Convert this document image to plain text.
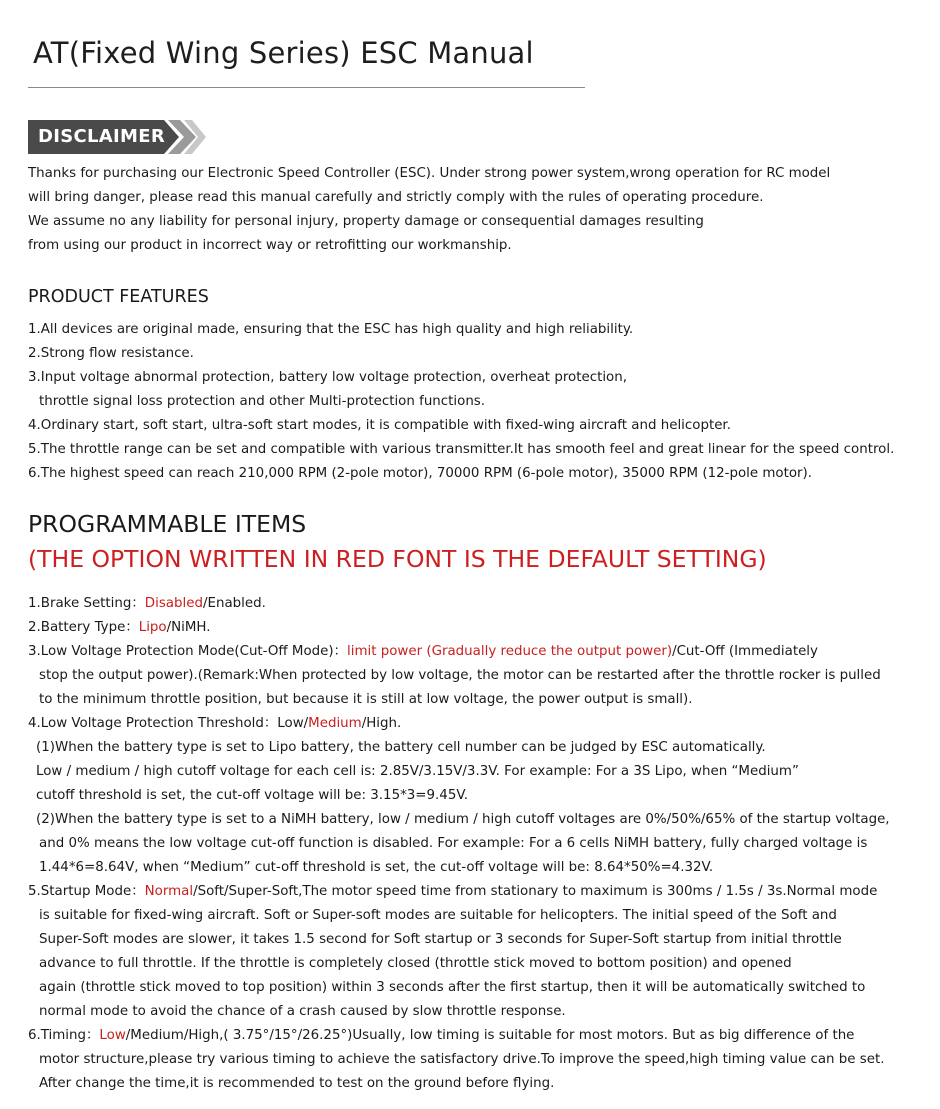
AT(Fixed Wing Series) ESC Manual
DISCLAIMER
Thanks for purchasing our Electronic Speed Controller (ESC). Under strong power system,wrong operation for RC model
will bring danger, please read this manual carefully and strictly comply with the rules of operating procedure.
We assume no any liability for personal injury, property damage or consequential damages resulting
from using our product in incorrect way or retrofitting our workmanship.
PRODUCT FEATURES
1.All devices are original made, ensuring that the ESC has high quality and high reliability.
2.Strong flow resistance.
3.Input voltage abnormal protection, battery low voltage protection, overheat protection,
throttle signal loss protection and other Multi-protection functions.
4.Ordinary start, soft start, ultra-soft start modes, it is compatible with fixed-wing aircraft and helicopter.
5.The throttle range can be set and compatible with various transmitter.It has smooth feel and great linear for the speed control.
6.The highest speed can reach 210,000 RPM (2-pole motor), 70000 RPM (6-pole motor), 35000 RPM (12-pole motor).
PROGRAMMABLE ITEMS
(THE OPTION WRITTEN IN RED FONT IS THE DEFAULT SETTING)
1.Brake Setting：Disabled/Enabled.
2.Battery Type：Lipo/NiMH.
3.Low Voltage Protection Mode(Cut-Off Mode)：limit power (Gradually reduce the output power)/Cut-Off (Immediately
stop the output power).(Remark:When protected by low voltage, the motor can be restarted after the throttle rocker is pulled
to the minimum throttle position, but because it is still at low voltage, the power output is small).
4.Low Voltage Protection Threshold：Low/Medium/High.
(1)When the battery type is set to Lipo battery, the battery cell number can be judged by ESC automatically.
Low / medium / high cutoff voltage for each cell is: 2.85V/3.15V/3.3V. For example: For a 3S Lipo, when “Medium”
cutoff threshold is set, the cut-off voltage will be: 3.15*3=9.45V.
(2)When the battery type is set to a NiMH battery, low / medium / high cutoff voltages are 0%/50%/65% of the startup voltage,
and 0% means the low voltage cut-off function is disabled. For example: For a 6 cells NiMH battery, fully charged voltage is
1.44*6=8.64V, when “Medium” cut-off threshold is set, the cut-off voltage will be: 8.64*50%=4.32V.
5.Startup Mode：Normal/Soft/Super-Soft,The motor speed time from stationary to maximum is 300ms / 1.5s / 3s.Normal mode
is suitable for fixed-wing aircraft. Soft or Super-soft modes are suitable for helicopters. The initial speed of the Soft and
Super-Soft modes are slower, it takes 1.5 second for Soft startup or 3 seconds for Super-Soft startup from initial throttle
advance to full throttle. If the throttle is completely closed (throttle stick moved to bottom position) and opened
again (throttle stick moved to top position) within 3 seconds after the first startup, then it will be automatically switched to
normal mode to avoid the chance of a crash caused by slow throttle response.
6.Timing：Low/Medium/High,( 3.75°/15°/26.25°)Usually, low timing is suitable for most motors. But as big difference of the
motor structure,please try various timing to achieve the satisfactory drive.To improve the speed,high timing value can be set.
After change the time,it is recommended to test on the ground before flying.
